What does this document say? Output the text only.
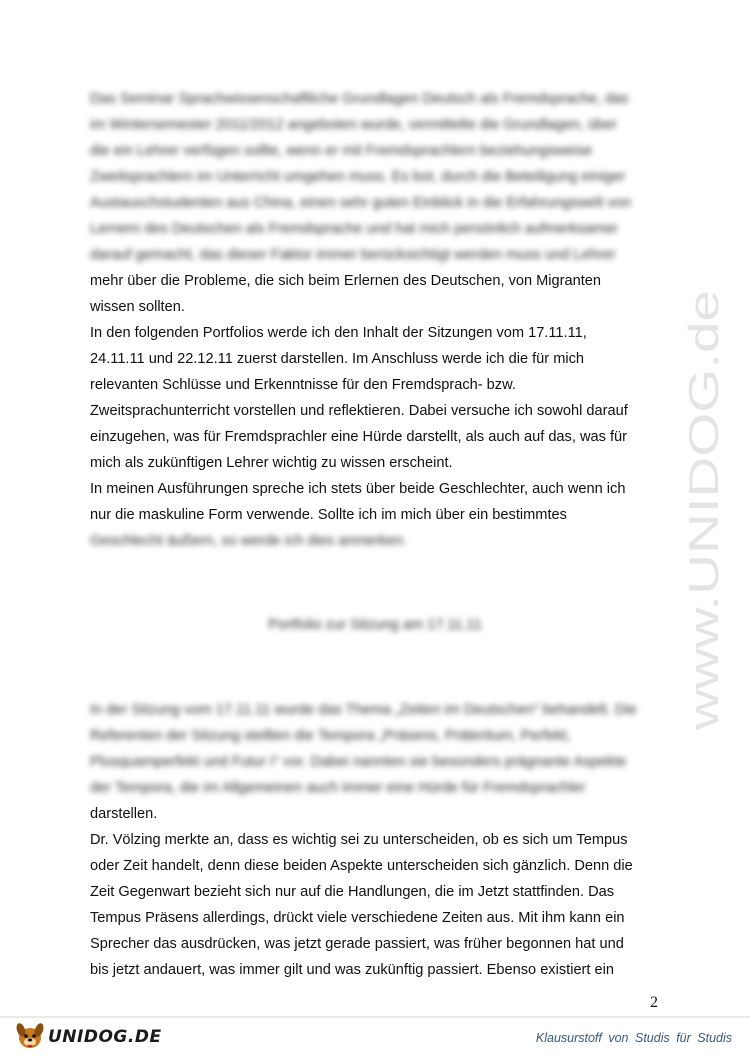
Das Seminar Sprachwissenschaftliche Grundlagen Deutsch als Fremdsprache, das
im Wintersemester 2011/2012 angeboten wurde, vermittelte die Grundlagen, über
die ein Lehrer verfügen sollte, wenn er mit Fremdsprachlern beziehungsweise
Zweitsprachlern im Unterricht umgehen muss. Es bot, durch die Beteiligung einiger
Austauschstudenten aus China, einen sehr guten Einblick in die Erfahrungswelt von
Lernern des Deutschen als Fremdsprache und hat mich persönlich aufmerksamer
darauf gemacht, das dieser Faktor immer berücksichtigt werden muss und Lehrer
mehr über die Probleme, die sich beim Erlernen des Deutschen, von Migranten
wissen sollten.
In den folgenden Portfolios werde ich den Inhalt der Sitzungen vom 17.11.11,
24.11.11 und 22.12.11 zuerst darstellen. Im Anschluss werde ich die für mich
relevanten Schlüsse und Erkenntnisse für den Fremdsprach- bzw.
Zweitsprachunterricht vorstellen und reflektieren. Dabei versuche ich sowohl darauf
einzugehen, was für Fremdsprachler eine Hürde darstellt, als auch auf das, was für
mich als zukünftigen Lehrer wichtig zu wissen erscheint.
In meinen Ausführungen spreche ich stets über beide Geschlechter, auch wenn ich
nur die maskuline Form verwende. Sollte ich im mich über ein bestimmtes
Geschlecht äußern, so werde ich dies anmerken.
Portfolio zur Sitzung am 17.11.11
In der Sitzung vom 17.11.11 wurde das Thema „Zeiten im Deutschen“ behandelt. Die
Referenten der Sitzung stellten die Tempora „Präsens, Präteritum, Perfekt,
Plusquamperfekt und Futur I“ vor. Dabei nannten sie besonders prägnante Aspekte
der Tempora, die im Allgemeinen auch immer eine Hürde für Fremdsprachler
darstellen.
Dr. Völzing merkte an, dass es wichtig sei zu unterscheiden, ob es sich um Tempus
oder Zeit handelt, denn diese beiden Aspekte unterscheiden sich gänzlich. Denn die
Zeit Gegenwart bezieht sich nur auf die Handlungen, die im Jetzt stattfinden. Das
Tempus Präsens allerdings, drückt viele verschiedene Zeiten aus. Mit ihm kann ein
Sprecher das ausdrücken, was jetzt gerade passiert, was früher begonnen hat und
bis jetzt andauert, was immer gilt und was zukünftig passiert. Ebenso existiert ein
www.UNIDOG.de
2
UNIDOG.DE	Klausurstoff von Studis für Studis
